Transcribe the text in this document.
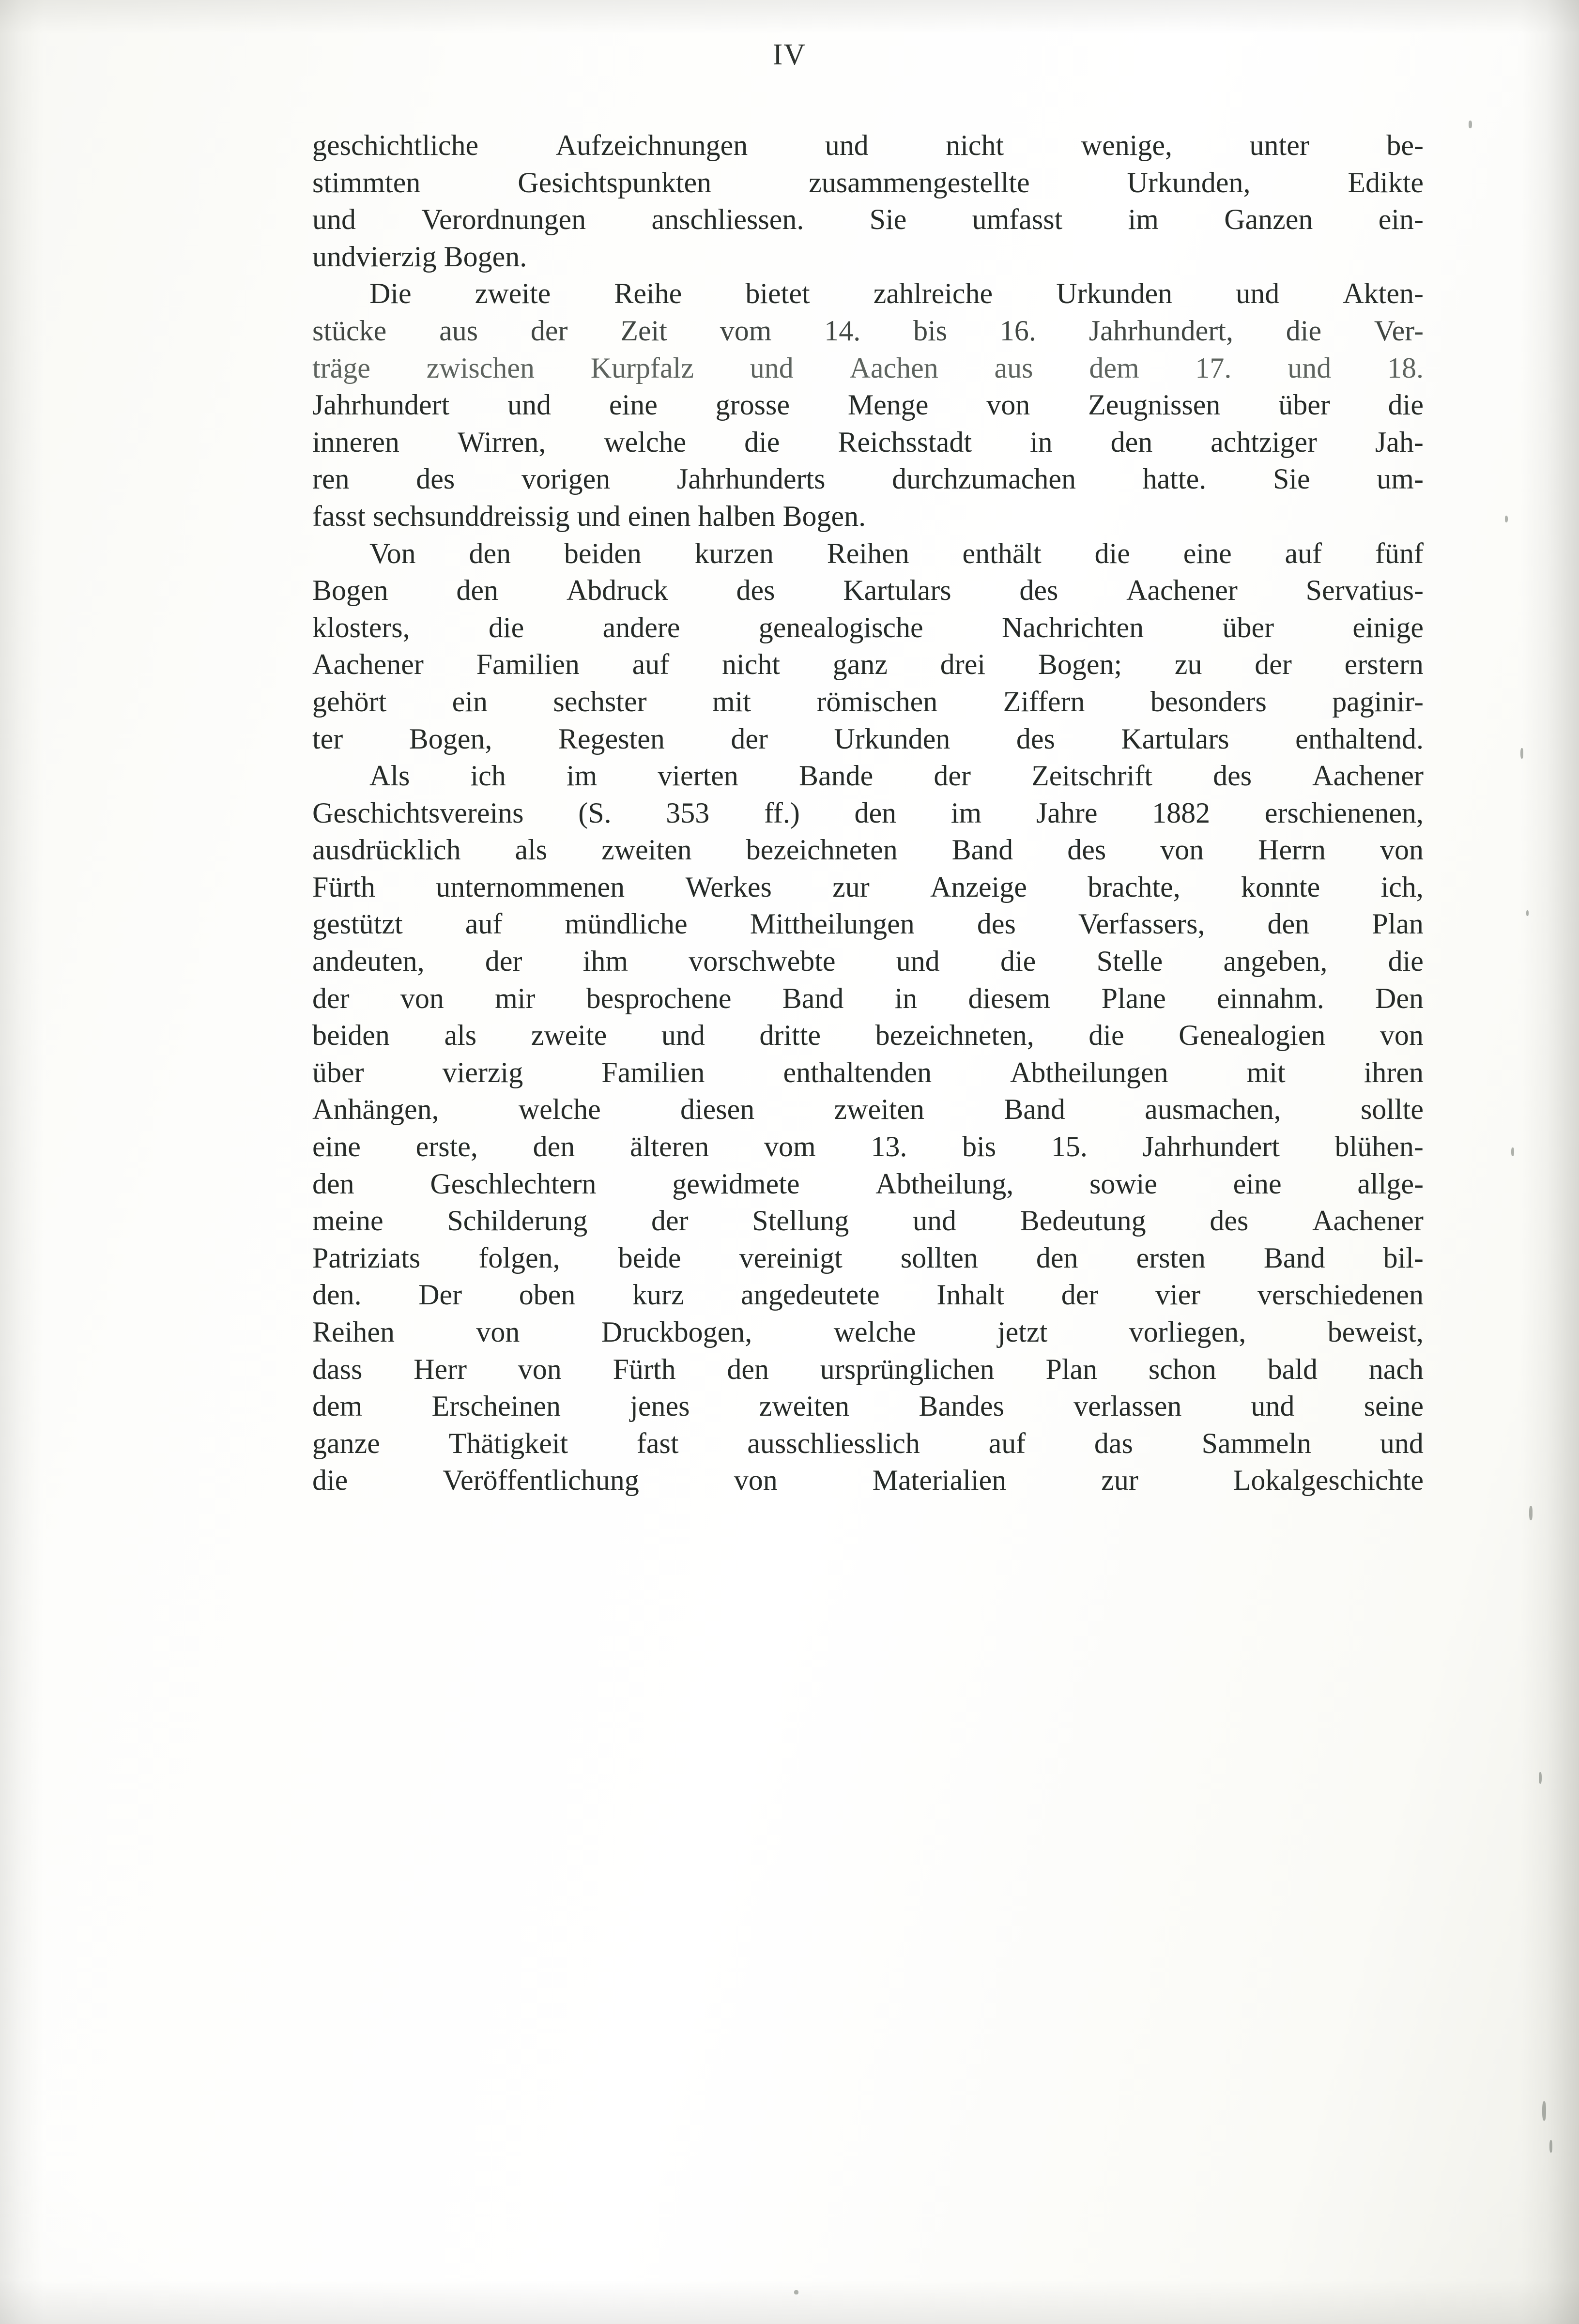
IV
geschichtliche	Aufzeichnungen	und	nicht	wenige,	unter	be-
stimmten	Gesichtspunkten	zusammengestellte	Urkunden,	Edikte
und Verordnungen anschliessen. Sie umfasst im Ganzen ein-
undvierzig Bogen.
Die zweite Reihe bietet zahlreiche Urkunden und Akten-
stücke aus der Zeit vom 14. bis 16. Jahrhundert, die Ver-
träge zwischen Kurpfalz und Aachen aus dem 17. und 18.
Jahrhundert und eine grosse Menge von Zeugnissen über die
inneren Wirren, welche die Reichsstadt in den achtziger Jah-
ren des vorigen Jahrhunderts durchzumachen hatte. Sie um-
fasst sechsunddreissig und einen halben Bogen.
Von den beiden kurzen Reihen enthält die eine auf fünf
Bogen den Abdruck des Kartulars des Aachener Servatius-
klosters,	die	andere	genealogische	Nachrichten	über	einige
Aachener Familien auf nicht ganz drei Bogen; zu der erstern
gehört ein sechster mit römischen Ziffern besonders paginir-
ter Bogen, Regesten der Urkunden des Kartulars enthaltend.
Als ich im vierten Bande der Zeitschrift des Aachener
Geschichtsvereins (S. 353 ff.) den im Jahre 1882 erschienenen,
ausdrücklich als zweiten bezeichneten Band des von Herrn von
Fürth unternommenen Werkes zur Anzeige brachte, konnte ich,
gestützt auf mündliche Mittheilungen des Verfassers, den Plan
andeuten, der ihm vorschwebte und die Stelle angeben, die
der von mir besprochene Band in diesem Plane einnahm. Den
beiden als zweite und dritte bezeichneten, die Genealogien von
über	vierzig	Familien	enthaltenden	Abtheilungen	mit	ihren
Anhängen,	welche	diesen	zweiten	Band	ausmachen,	sollte
eine erste, den älteren vom 13. bis 15. Jahrhundert blühen-
den	Geschlechtern	gewidmete	Abtheilung,	sowie	eine	allge-
meine Schilderung der Stellung und Bedeutung des Aachener
Patriziats folgen, beide vereinigt sollten den ersten Band bil-
den. Der oben kurz angedeutete Inhalt der vier verschiedenen
Reihen	von	Druckbogen,	welche	jetzt	vorliegen,	beweist,
dass Herr von Fürth den ursprünglichen Plan schon bald nach
dem Erscheinen jenes zweiten Bandes verlassen und seine
ganze Thätigkeit fast ausschliesslich auf das Sammeln und
die	Veröffentlichung	von	Materialien	zur	Lokalgeschichte
